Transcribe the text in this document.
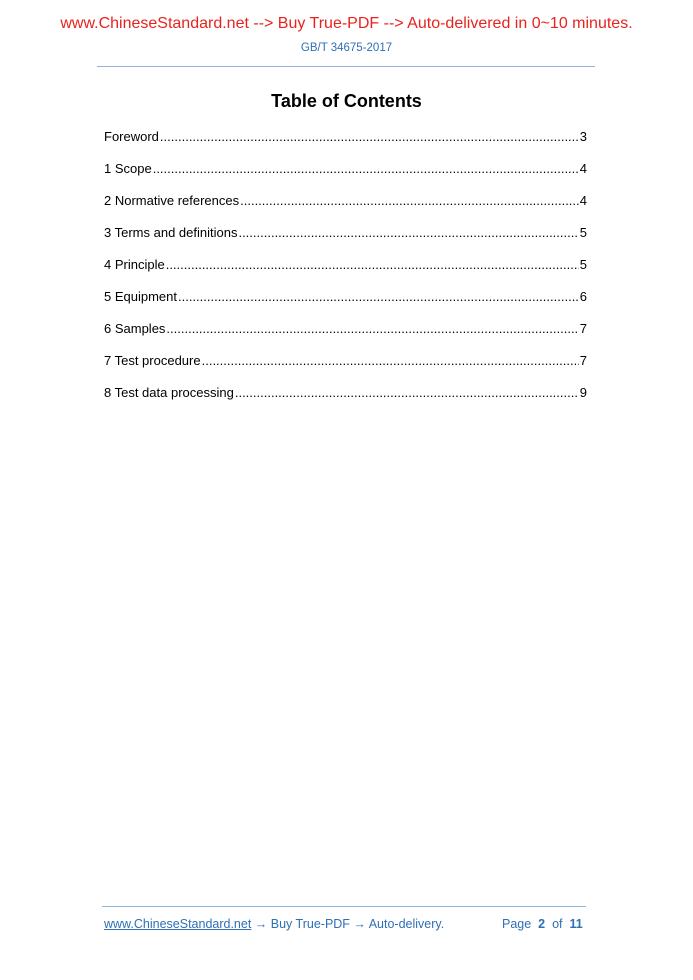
www.ChineseStandard.net --> Buy True-PDF --> Auto-delivered in 0~10 minutes.
GB/T 34675-2017
Table of Contents
Foreword .....	3
1 Scope .....	4
2 Normative references .....	4
3 Terms and definitions .....	5
4 Principle .....	5
5 Equipment .....	6
6 Samples .....	7
7 Test procedure .....	7
8 Test data processing .....	9
www.ChineseStandard.net → Buy True-PDF → Auto-delivery.	Page 2 of 11
